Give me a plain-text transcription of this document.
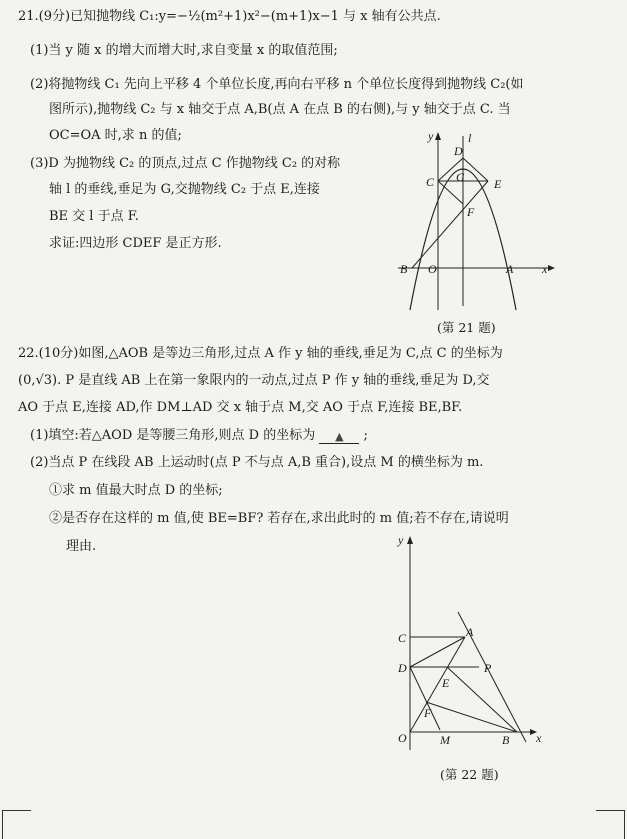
21.(9分)已知抛物线 C₁:y=−½(m²+1)x²−(m+1)x−1 与 x 轴有公共点.
(1)当 y 随 x 的增大而增大时,求自变量 x 的取值范围;
(2)将抛物线 C₁ 先向上平移 4 个单位长度,再向右平移 n 个单位长度得到抛物线 C₂(如
图所示),抛物线 C₂ 与 x 轴交于点 A,B(点 A 在点 B 的右侧),与 y 轴交于点 C. 当
OC=OA 时,求 n 的值;
(3)D 为抛物线 C₂ 的顶点,过点 C 作抛物线 C₂ 的对称
轴 l 的垂线,垂足为 G,交抛物线 C₂ 于点 E,连接
BE 交 l 于点 F.
求证:四边形 CDEF 是正方形.
y	l
D
C G E
F
B O	A x
(第 21 题)
22.(10分)如图,△AOB 是等边三角形,过点 A 作 y 轴的垂线,垂足为 C,点 C 的坐标为
(0,√3). P 是直线 AB 上在第一象限内的一动点,过点 P 作 y 轴的垂线,垂足为 D,交
AO 于点 E,连接 AD,作 DM⊥AD 交 x 轴于点 M,交 AO 于点 F,连接 BE,BF.
(1)填空:若△AOD 是等腰三角形,则点 D 的坐标为 ▲ ;
(2)当点 P 在线段 AB 上运动时(点 P 不与点 A,B 重合),设点 M 的横坐标为 m.
①求 m 值最大时点 D 的坐标;
②是否存在这样的 m 值,使 BE=BF? 若存在,求出此时的 m 值;若不存在,请说明
理由.	y
C	A
D	P
E
F
O	M	B x
(第 22 题)
